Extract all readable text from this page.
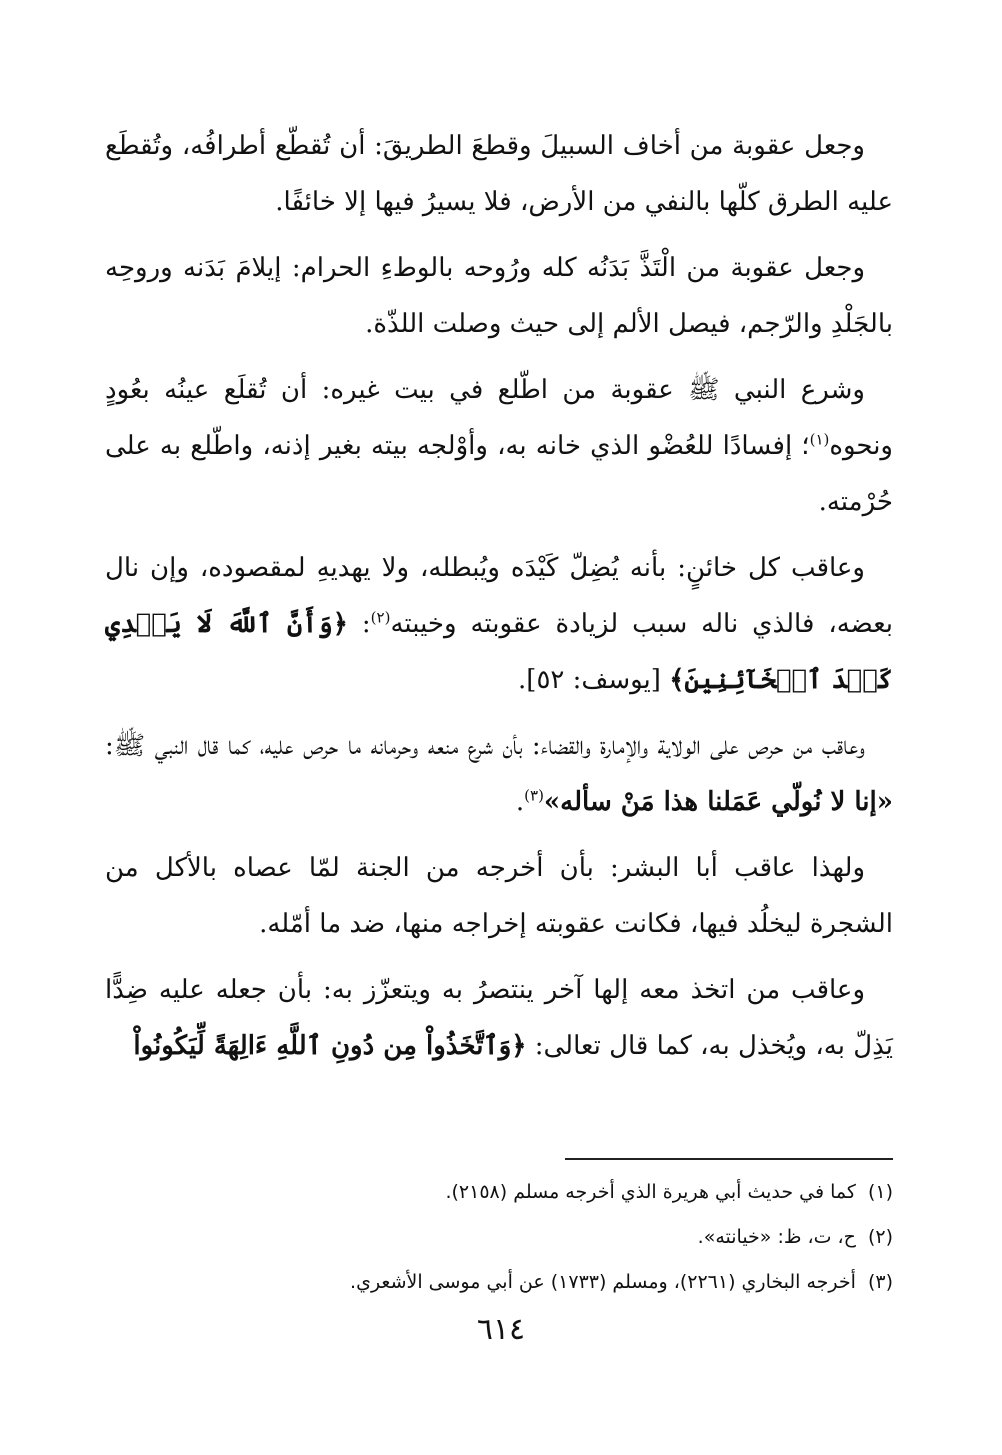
وجعل عقوبة من أخاف السبيلَ وقطعَ الطريقَ: أن تُقطّع أطرافُه، وتُقطَع عليه الطرق كلّها بالنفي من الأرض، فلا يسيرُ فيها إلا خائفًا.

وجعل عقوبة من الْتَذَّ بَدَنُه كله ورُوحه بالوطءِ الحرام: إيلامَ بَدَنه وروحِه بالجَلْدِ والرّجم، فيصل الألم إلى حيث وصلت اللذّة.

وشرع النبي ﷺ عقوبة من اطّلع في بيت غيره: أن تُقلَع عينُه بعُودٍ ونحوه$^{(١)}$؛ إفسادًا للعُضْو الذي خانه به، وأوْلجه بيته بغير إذنه، واطّلع به على حُرْمته.

وعاقب كل خائنٍ: بأنه يُضِلّ كَيْدَه ويُبطله، ولا يهديهِ لمقصوده، وإن نال بعضه، فالذي ناله سبب لزيادة عقوبته وخيبته$^{(٢)}$: ﴿وَأَنَّ ٱللَّهَ لَا يَهۡدِي كَيۡدَ ٱلۡخَآئِنِينَ﴾ [يوسف: ٥٢].

وعاقب من حرص على الولاية والإمارة والقضاء: بأن شرع منعه وحرمانه ما حرص عليه، كما قال النبي ﷺ: «إنا لا نُولّي عَمَلنا هذا مَنْ سأله»$^{(٣)}$.

ولهذا عاقب أبا البشر: بأن أخرجه من الجنة لمّا عصاه بالأكل من الشجرة ليخلُد فيها، فكانت عقوبته إخراجه منها، ضد ما أمّله.

وعاقب من اتخذ معه إلها آخر ينتصرُ به ويتعزّز به: بأن جعله عليه ضِدًّا يَذِلّ به، ويُخذل به، كما قال تعالى: ﴿وَٱتَّخَذُواْ مِن دُونِ ٱللَّهِ ءَالِهَةً لِّيَكُونُواْ

(١)كما في حديث أبي هريرة الذي أخرجه مسلم (٢١٥٨).
(٢)ح، ت، ظ: «خيانته».
(٣)أخرجه البخاري (٢٢٦١)، ومسلم (١٧٣٣) عن أبي موسى الأشعري.
٦١٤
